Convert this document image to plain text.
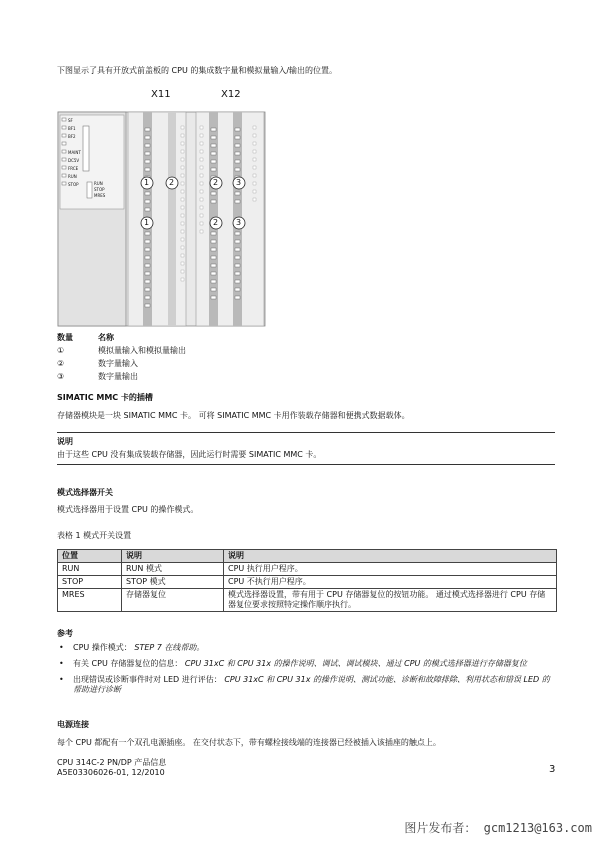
下图显示了具有开放式前盖板的 CPU 的集成数字量和模拟量输入/输出的位置。
X11	X12
1 2	2 3
1	2 3
SF
BF1
BF2
MAINT
DC5V
FRCE
RUN
STOP	RUN
STOP
MRES
数量	名称
①	模拟量输入和模拟量输出
②	数字量输入
③	数字量输出
SIMATIC MMC 卡的插槽
存储器模块是一块 SIMATIC MMC 卡。 可将 SIMATIC MMC 卡用作装载存储器和便携式数据载体。
说明
由于这些 CPU 没有集成装载存储器，因此运行时需要 SIMATIC MMC 卡。
模式选择器开关
模式选择器用于设置 CPU 的操作模式。
表格 1 模式开关设置
位置	说明	说明
RUN	RUN 模式	CPU 执行用户程序。
STOP	STOP 模式	CPU 不执行用户程序。
MRES	存储器复位	模式选择器设置，带有用于 CPU 存储器复位的按钮功能。 通过模式选择器进行 CPU 存储器复位要求按照特定操作顺序执行。
参考
• CPU 操作模式： STEP 7 在线帮助。
• 有关 CPU 存储器复位的信息： CPU 31xC 和 CPU 31x 的操作说明、调试、调试模块、通过 CPU 的模式选择器进行存储器复位
• 出现错误或诊断事件时对 LED 进行评估： CPU 31xC 和 CPU 31x 的操作说明、测试功能、诊断和故障排除、利用状态和错误 LED 的帮助进行诊断
电源连接
每个 CPU 都配有一个双孔电源插座。 在交付状态下，带有螺栓接线端的连接器已经被插入该插座的触点上。
CPU 314C-2 PN/DP 产品信息
A5E03306026-01, 12/2010	3
图片发布者： gcm1213@163.com
